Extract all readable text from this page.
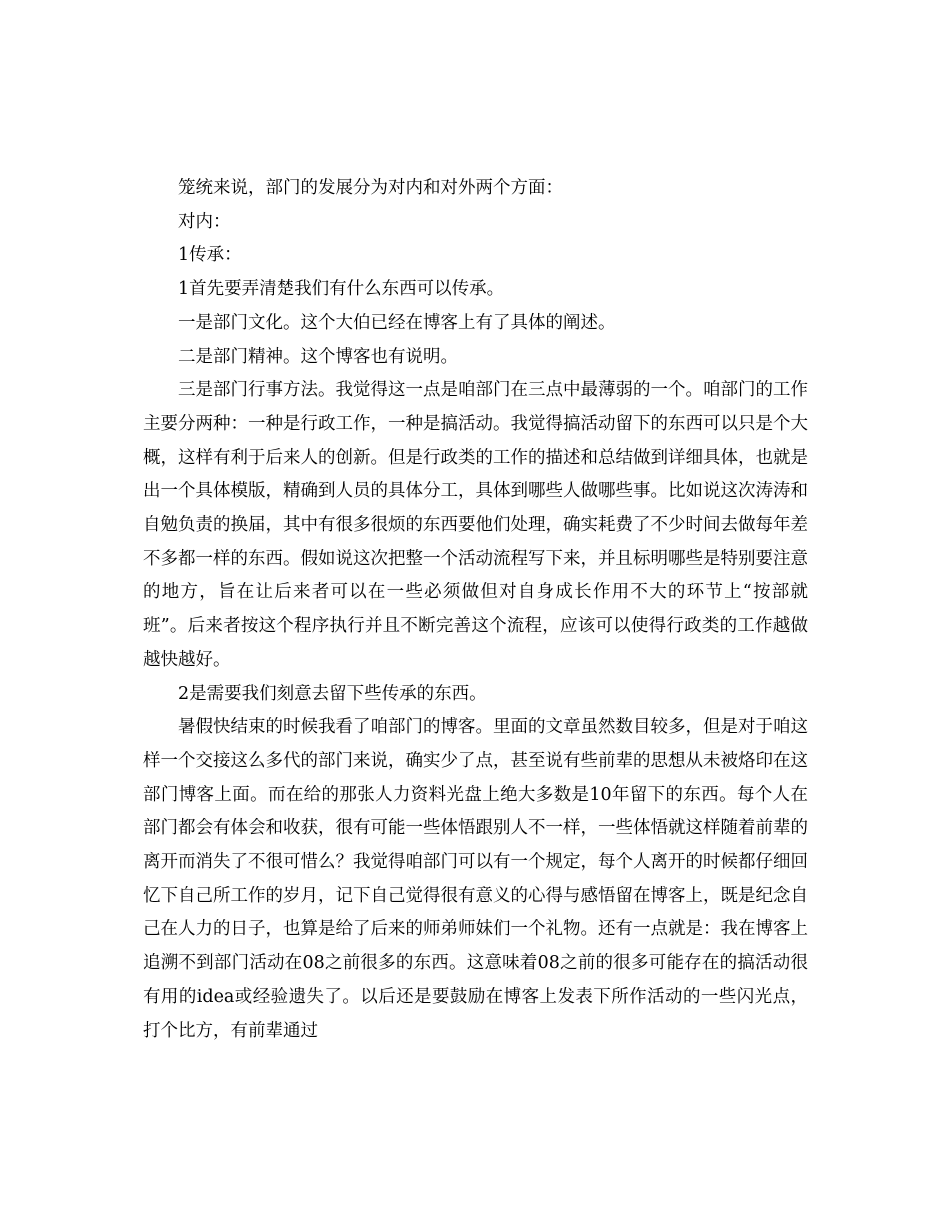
笼统来说，部门的发展分为对内和对外两个方面：

对内：

1传承：

1首先要弄清楚我们有什么东西可以传承。

一是部门文化。这个大伯已经在博客上有了具体的阐述。

二是部门精神。这个博客也有说明。

三是部门行事方法。我觉得这一点是咱部门在三点中最薄弱的一个。咱部门的工作主要分两种：一种是行政工作，一种是搞活动。我觉得搞活动留下的东西可以只是个大概，这样有利于后来人的创新。但是行政类的工作的描述和总结做到详细具体，也就是出一个具体模版，精确到人员的具体分工，具体到哪些人做哪些事。比如说这次涛涛和自勉负责的换届，其中有很多很烦的东西要他们处理，确实耗费了不少时间去做每年差不多都一样的东西。假如说这次把整一个活动流程写下来，并且标明哪些是特别要注意的地方，旨在让后来者可以在一些必须做但对自身成长作用不大的环节上“按部就班”。后来者按这个程序执行并且不断完善这个流程，应该可以使得行政类的工作越做越快越好。

2是需要我们刻意去留下些传承的东西。

暑假快结束的时候我看了咱部门的博客。里面的文章虽然数目较多，但是对于咱这样一个交接这么多代的部门来说，确实少了点，甚至说有些前辈的思想从未被烙印在这部门博客上面。而在给的那张人力资料光盘上绝大多数是10年留下的东西。每个人在部门都会有体会和收获，很有可能一些体悟跟别人不一样，一些体悟就这样随着前辈的离开而消失了不很可惜么？我觉得咱部门可以有一个规定，每个人离开的时候都仔细回忆下自己所工作的岁月，记下自己觉得很有意义的心得与感悟留在博客上，既是纪念自己在人力的日子，也算是给了后来的师弟师妹们一个礼物。还有一点就是：我在博客上追溯不到部门活动在08之前很多的东西。这意味着08之前的很多可能存在的搞活动很有用的idea或经验遗失了。以后还是要鼓励在博客上发表下所作活动的一些闪光点，打个比方，有前辈通过
